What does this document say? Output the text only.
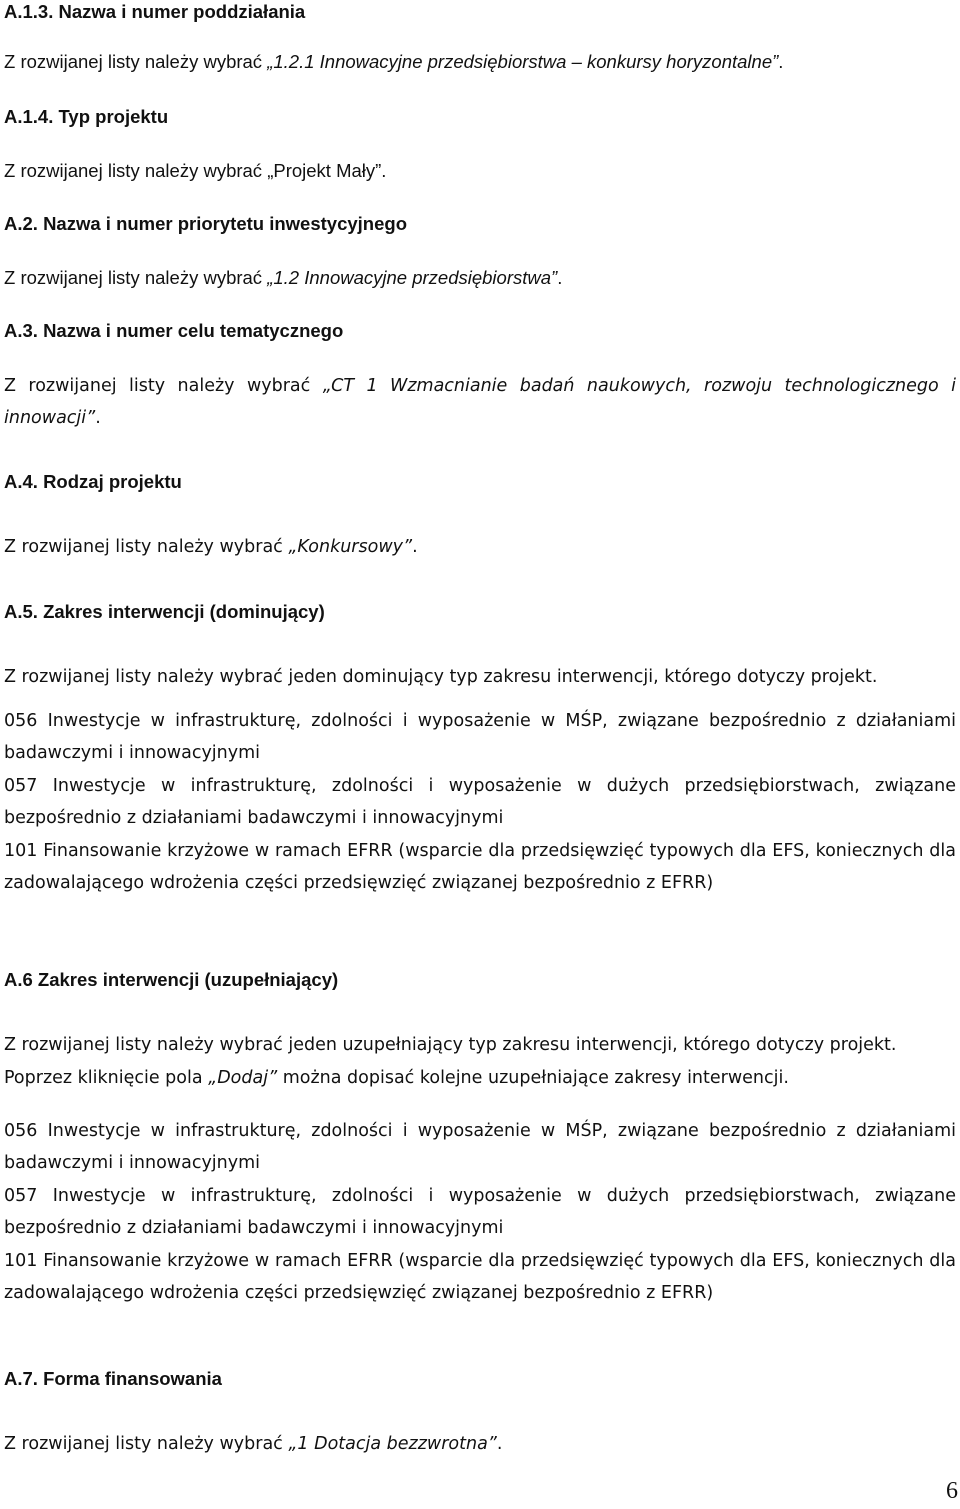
A.1.3. Nazwa i numer poddziałania

Z rozwijanej listy należy wybrać „1.2.1 Innowacyjne przedsiębiorstwa – konkursy horyzontalne”.

A.1.4. Typ projektu

Z rozwijanej listy należy wybrać „Projekt Mały”.

A.2. Nazwa i numer priorytetu inwestycyjnego

Z rozwijanej listy należy wybrać „1.2 Innowacyjne przedsiębiorstwa”.

A.3. Nazwa i numer celu tematycznego

Z rozwijanej listy należy wybrać „CT 1 Wzmacnianie badań naukowych, rozwoju technologicznego i innowacji”.

A.4. Rodzaj projektu

Z rozwijanej listy należy wybrać „Konkursowy”.

A.5. Zakres interwencji (dominujący)

Z rozwijanej listy należy wybrać jeden dominujący typ zakresu interwencji, którego dotyczy projekt.

056 Inwestycje w infrastrukturę, zdolności i wyposażenie w MŚP, związane bezpośrednio z działaniami badawczymi i innowacyjnymi

057 Inwestycje w infrastrukturę, zdolności i wyposażenie w dużych przedsiębiorstwach, związane bezpośrednio z działaniami badawczymi i innowacyjnymi

101 Finansowanie krzyżowe w ramach EFRR (wsparcie dla przedsięwzięć typowych dla EFS, koniecznych dla zadowalającego wdrożenia części przedsięwzięć związanej bezpośrednio z EFRR)

A.6 Zakres interwencji (uzupełniający)

Z rozwijanej listy należy wybrać jeden uzupełniający typ zakresu interwencji, którego dotyczy projekt.

Poprzez kliknięcie pola „Dodaj” można dopisać kolejne uzupełniające zakresy interwencji.

056 Inwestycje w infrastrukturę, zdolności i wyposażenie w MŚP, związane bezpośrednio z działaniami badawczymi i innowacyjnymi

057 Inwestycje w infrastrukturę, zdolności i wyposażenie w dużych przedsiębiorstwach, związane bezpośrednio z działaniami badawczymi i innowacyjnymi

101 Finansowanie krzyżowe w ramach EFRR (wsparcie dla przedsięwzięć typowych dla EFS, koniecznych dla zadowalającego wdrożenia części przedsięwzięć związanej bezpośrednio z EFRR)

A.7. Forma finansowania

Z rozwijanej listy należy wybrać „1 Dotacja bezzwrotna”.

6
